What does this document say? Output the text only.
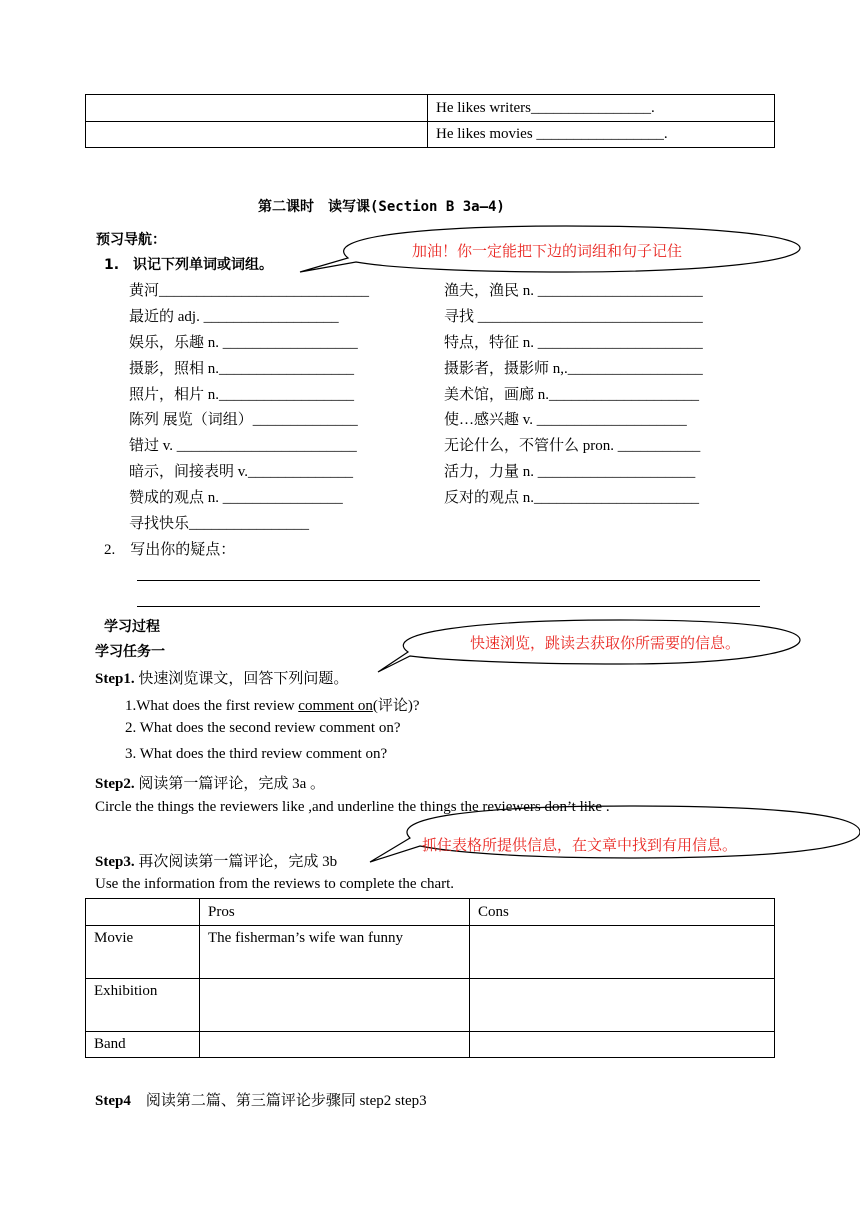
	He likes writers________________.
	He likes movies _________________.
第二课时　读写课(Section B 3a—4)
预习导航：
1.　识记下列单词或词组。
加油！你一定能把下边的词组和句子记住
黄河____________________________
最近的 adj. __________________
娱乐，乐趣 n. __________________
摄影，照相 n.__________________
照片，相片 n.__________________
陈列 展览（词组）______________
错过 v. ________________________
暗示，间接表明 v.______________
赞成的观点 n. ________________
寻找快乐________________
渔夫，渔民 n. ______________________
寻找 ______________________________
特点，特征 n. ______________________
摄影者，摄影师 n,.__________________
美术馆，画廊 n.____________________
使…感兴趣 v. ____________________
无论什么，不管什么 pron. ___________
活力，力量 n. _____________________
反对的观点 n.______________________
2.　写出你的疑点：
学习过程
学习任务一	快速浏览，跳读去获取你所需要的信息。
Step1. 快速浏览课文，回答下列问题。
1.What does the first review comment on(评论)?
2. What does the second review comment on?
3. What does the third review comment on?
Step2. 阅读第一篇评论，完成 3a 。
Circle the things the reviewers like ,and underline the things the reviewers don’t like .
抓住表格所提供信息，在文章中找到有用信息。
Step3. 再次阅读第一篇评论，完成 3b
Use the information from the reviews to complete the chart.
	Pros	Cons
Movie	The fisherman’s wife wan funny	
Exhibition		
Band		
Step4　阅读第二篇、第三篇评论步骤同 step2 step3
